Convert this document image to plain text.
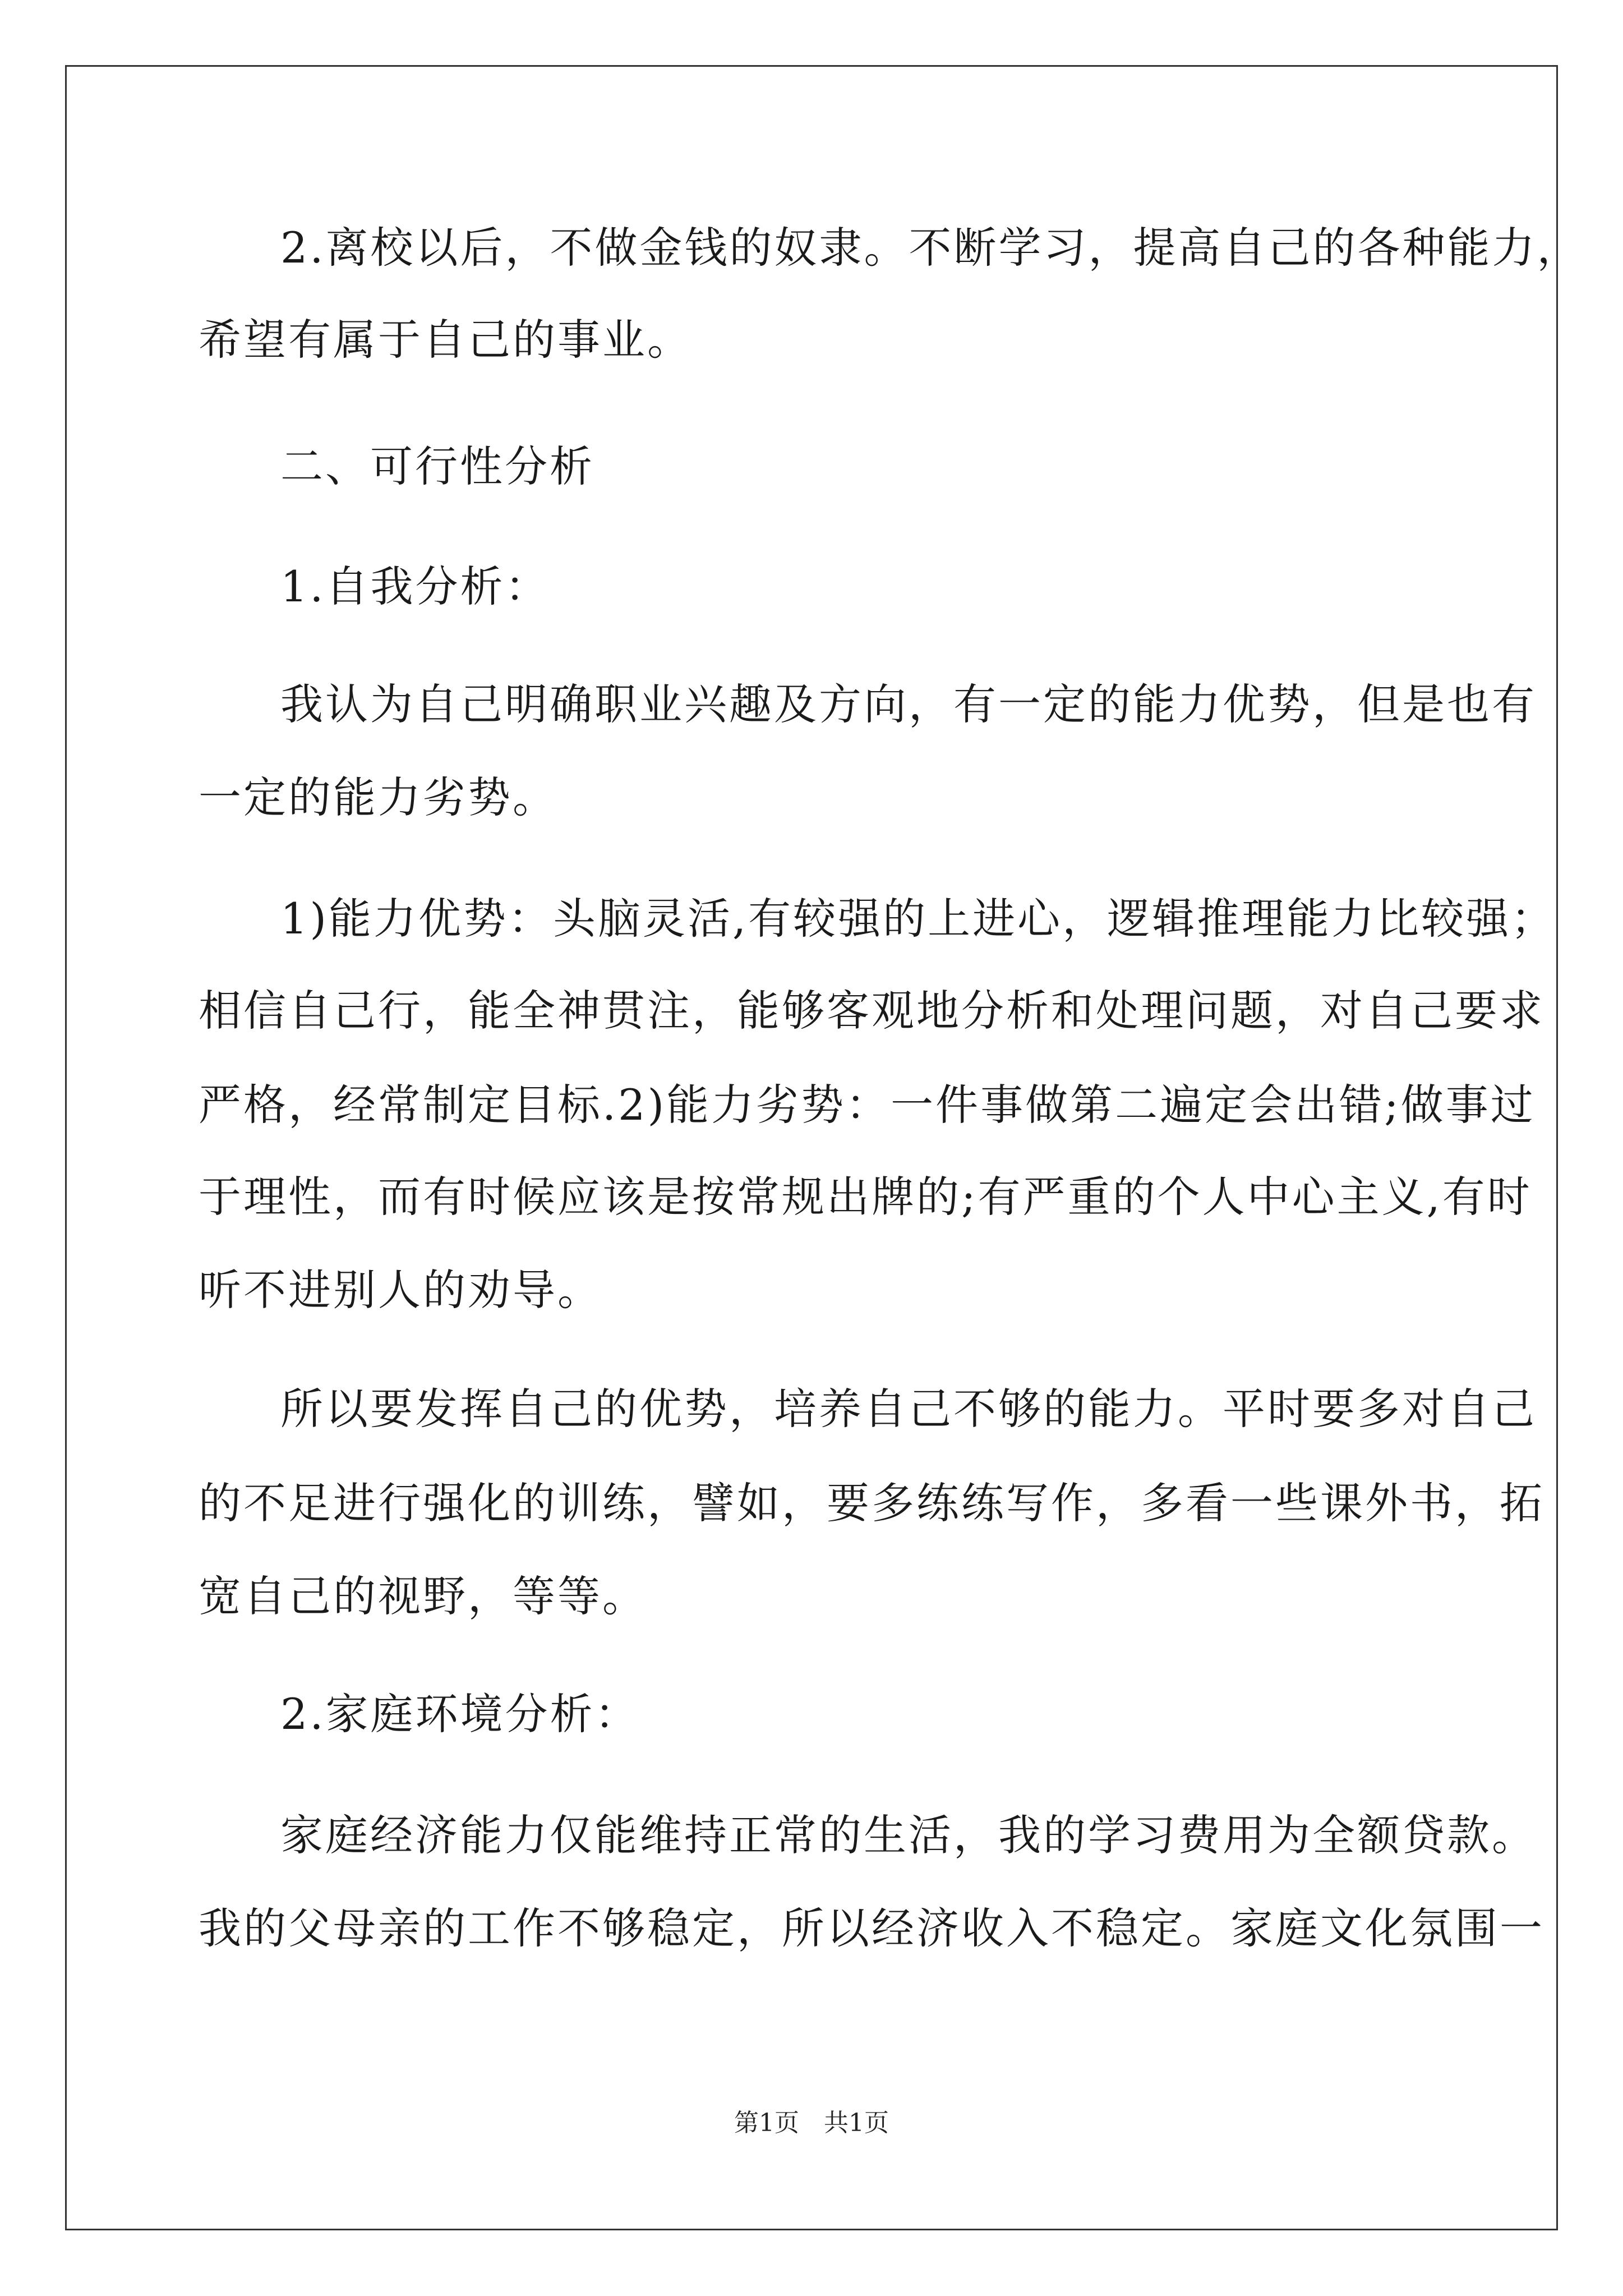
2.离校以后，不做金钱的奴隶。不断学习，提高自己的各种能力，
希望有属于自己的事业。
二、可行性分析
1.自我分析：
我认为自己明确职业兴趣及方向，有一定的能力优势，但是也有
一定的能力劣势。
1)能力优势：头脑灵活,有较强的上进心，逻辑推理能力比较强；
相信自己行，能全神贯注，能够客观地分析和处理问题，对自己要求
严格，经常制定目标.2)能力劣势：一件事做第二遍定会出错;做事过
于理性，而有时候应该是按常规出牌的;有严重的个人中心主义,有时
听不进别人的劝导。
所以要发挥自己的优势，培养自己不够的能力。平时要多对自己
的不足进行强化的训练，譬如，要多练练写作，多看一些课外书，拓
宽自己的视野，等等。
2.家庭环境分析：
家庭经济能力仅能维持正常的生活，我的学习费用为全额贷款。
我的父母亲的工作不够稳定，所以经济收入不稳定。家庭文化氛围一
第1页　共1页
